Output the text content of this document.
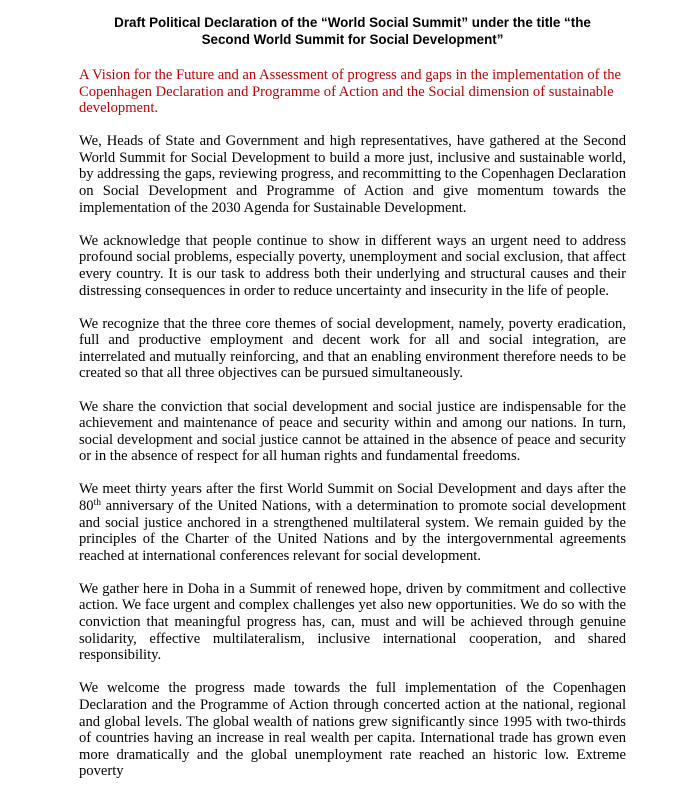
Draft Political Declaration of the “World Social Summit” under the title “the
Second World Summit for Social Development”

A Vision for the Future and an Assessment of progress and gaps in the implementation of the Copenhagen Declaration and Programme of Action and the Social dimension of sustainable development.

We, Heads of State and Government and high representatives, have gathered at the Second World Summit for Social Development to build a more just, inclusive and sustainable world, by addressing the gaps, reviewing progress, and recommitting to the Copenhagen Declaration on Social Development and Programme of Action and give momentum towards the implementation of the 2030 Agenda for Sustainable Development.

We acknowledge that people continue to show in different ways an urgent need to address profound social problems, especially poverty, unemployment and social exclusion, that affect every country. It is our task to address both their underlying and structural causes and their distressing consequences in order to reduce uncertainty and insecurity in the life of people.

We recognize that the three core themes of social development, namely, poverty eradication, full and productive employment and decent work for all and social integration, are interrelated and mutually reinforcing, and that an enabling environment therefore needs to be created so that all three objectives can be pursued simultaneously.

We share the conviction that social development and social justice are indispensable for the achievement and maintenance of peace and security within and among our nations. In turn, social development and social justice cannot be attained in the absence of peace and security or in the absence of respect for all human rights and fundamental freedoms.

We meet thirty years after the first World Summit on Social Development and days after the 80th anniversary of the United Nations, with a determination to promote social development and social justice anchored in a strengthened multilateral system. We remain guided by the principles of the Charter of the United Nations and by the intergovernmental agreements reached at international conferences relevant for social development.

We gather here in Doha in a Summit of renewed hope, driven by commitment and collective action. We face urgent and complex challenges yet also new opportunities. We do so with the conviction that meaningful progress has, can, must and will be achieved through genuine solidarity, effective multilateralism, inclusive international cooperation, and shared responsibility.

We welcome the progress made towards the full implementation of the Copenhagen Declaration and the Programme of Action through concerted action at the national, regional and global levels. The global wealth of nations grew significantly since 1995 with two-thirds of countries having an increase in real wealth per capita. International trade has grown even more dramatically and the global unemployment rate reached an historic low. Extreme poverty
